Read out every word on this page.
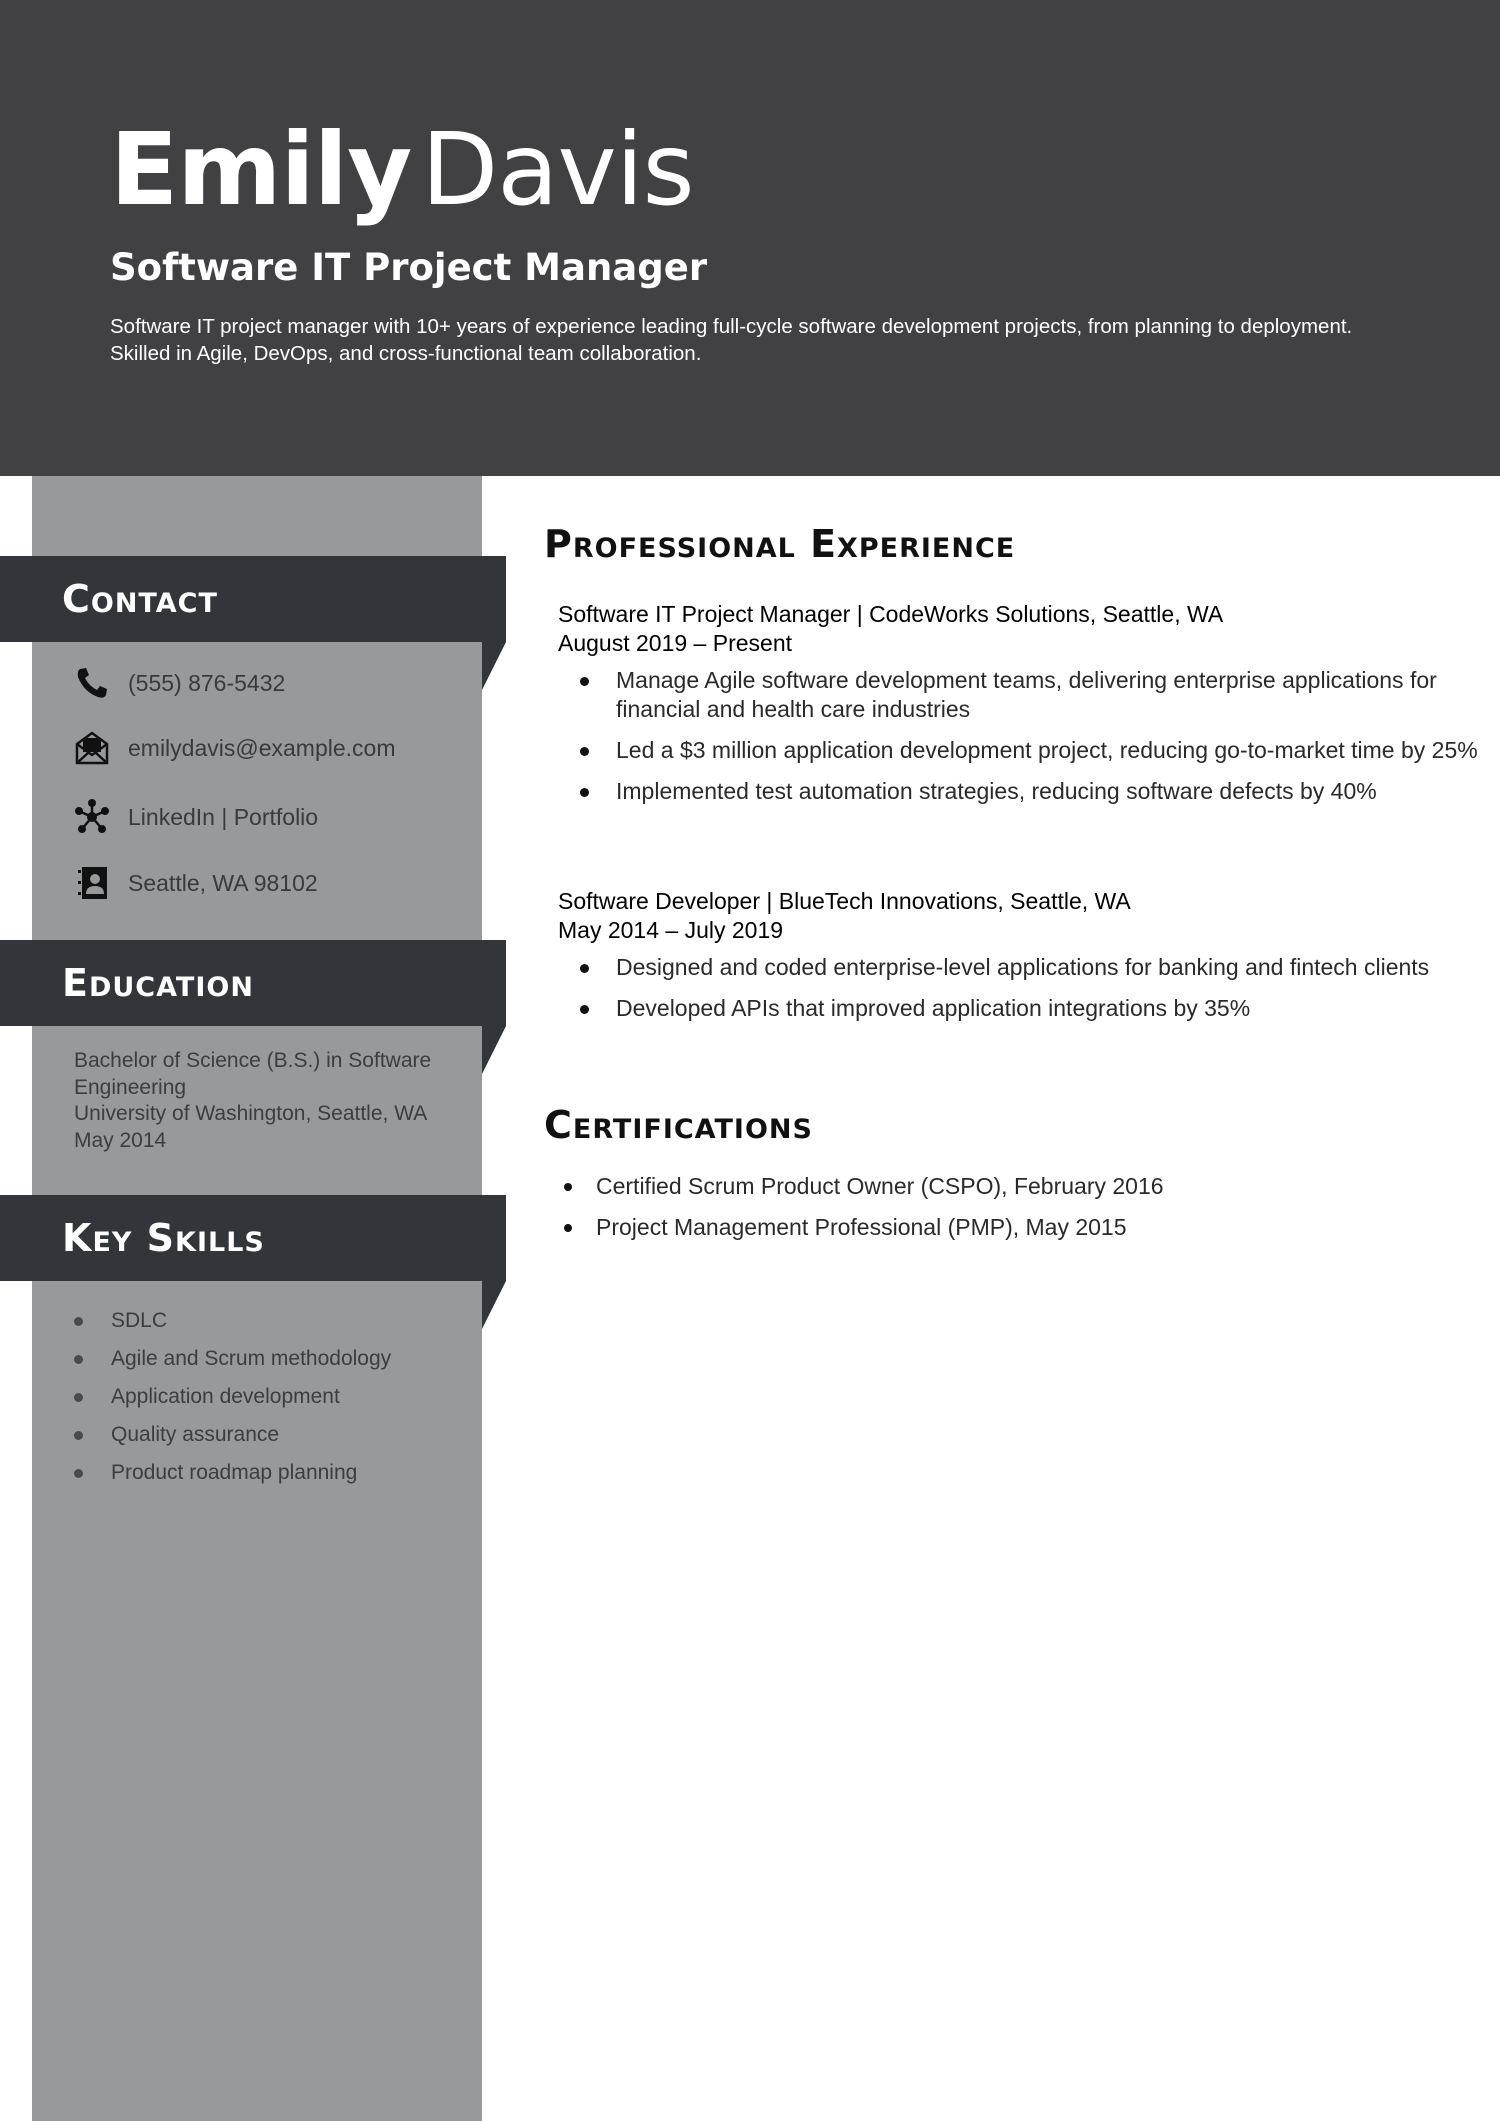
Emily Davis
Software IT Project Manager

Software IT project manager with 10+ years of experience leading full-cycle software development projects, from planning to deployment. Skilled in Agile, DevOps, and cross-functional team collaboration.

Contact
(555) 876-5432
emilydavis@example.com
LinkedIn | Portfolio
Seattle, WA 98102
Education
Bachelor of Science (B.S.) in Software Engineering
University of Washington, Seattle, WA
May 2014
Key Skills
SDLC
Agile and Scrum methodology
Application development
Quality assurance
Product roadmap planning
Professional Experience
Software IT Project Manager | CodeWorks Solutions, Seattle, WA
August 2019 – Present
Manage Agile software development teams, delivering enterprise applications for financial and health care industries
Led a $3 million application development project, reducing go-to-market time by 25%
Implemented test automation strategies, reducing software defects by 40%
Software Developer | BlueTech Innovations, Seattle, WA
May 2014 – July 2019
Designed and coded enterprise-level applications for banking and fintech clients
Developed APIs that improved application integrations by 35%
Certifications
Certified Scrum Product Owner (CSPO), February 2016
Project Management Professional (PMP), May 2015
